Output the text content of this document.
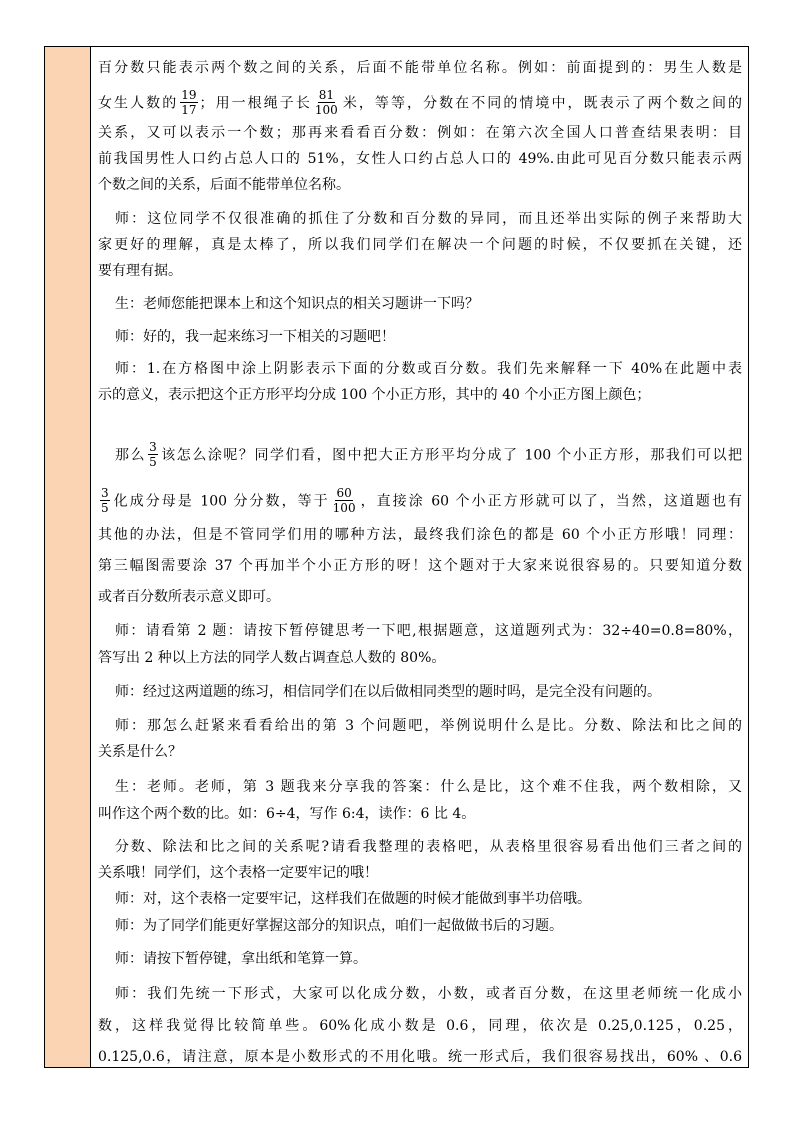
百分数只能表示两个数之间的关系，后面不能带单位名称。例如：前面提到的：男生人数是
女生人数的 $\frac{19}{17}$ ；用一根绳子长 $\frac{81}{100}$ 米，等等，分数在不同的情境中，既表示了两个数之间的
关系，又可以表示一个数；那再来看看百分数：例如：在第六次全国人口普查结果表明：目
前我国男性人口约占总人口的 51%，女性人口约占总人口的 49%.由此可见百分数只能表示两
个数之间的关系，后面不能带单位名称。
师：这位同学不仅很准确的抓住了分数和百分数的异同，而且还举出实际的例子来帮助大
家更好的理解，真是太棒了，所以我们同学们在解决一个问题的时候，不仅要抓在关键，还
要有理有据。
生：老师您能把课本上和这个知识点的相关习题讲一下吗？
师：好的，我一起来练习一下相关的习题吧！
师：1.在方格图中涂上阴影表示下面的分数或百分数。我们先来解释一下 40%在此题中表
示的意义，表示把这个正方形平均分成 100 个小正方形，其中的 40 个小正方图上颜色；
那么 $\frac{3}{5}$ 该怎么涂呢？同学们看，图中把大正方形平均分成了 100 个小正方形，那我们可以把
$\frac{3}{5}$ 化成分母是 100 分分数，等于 $\frac{60}{100}$ ，直接涂 60 个小正方形就可以了，当然，这道题也有
其他的办法，但是不管同学们用的哪种方法，最终我们涂色的都是 60 个小正方形哦！同理：
第三幅图需要涂 37 个再加半个小正方形的呀！这个题对于大家来说很容易的。只要知道分数
或者百分数所表示意义即可。
师：请看第 2 题：请按下暂停键思考一下吧,根据题意，这道题列式为：32÷40=0.8=80%，
答写出 2 种以上方法的同学人数占调查总人数的 80%。
师：经过这两道题的练习，相信同学们在以后做相同类型的题时吗，是完全没有问题的。
师：那怎么赶紧来看看给出的第 3 个问题吧，举例说明什么是比。分数、除法和比之间的
关系是什么？
生：老师。老师，第 3 题我来分享我的答案：什么是比，这个难不住我，两个数相除，又
叫作这个两个数的比。如：6÷4，写作 6:4，读作：6 比 4。
分数、除法和比之间的关系呢?请看我整理的表格吧，从表格里很容易看出他们三者之间的
关系哦！同学们，这个表格一定要牢记的哦！
师：对，这个表格一定要牢记，这样我们在做题的时候才能做到事半功倍哦。
师：为了同学们能更好掌握这部分的知识点，咱们一起做做书后的习题。
师：请按下暂停键，拿出纸和笔算一算。
师：我们先统一下形式，大家可以化成分数，小数，或者百分数，在这里老师统一化成小
数，这样我觉得比较简单些。60%化成小数是 0.6，同理，依次是 0.25,0.125，0.25，
0.125,0.6，请注意，原本是小数形式的不用化哦。统一形式后，我们很容易找出，60% 、0.6
